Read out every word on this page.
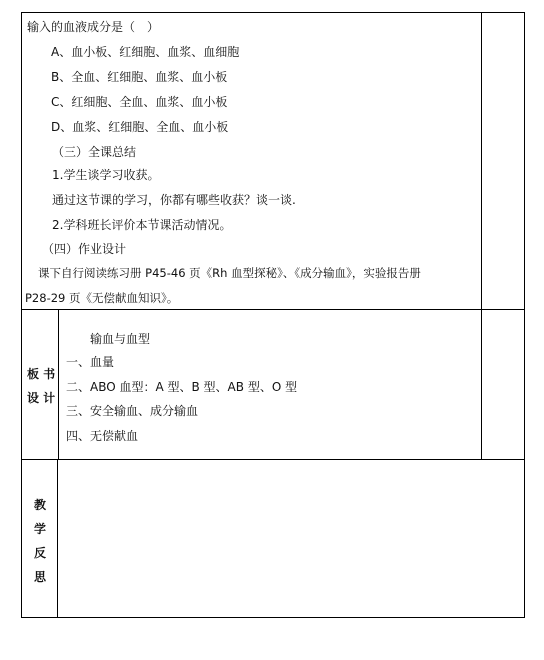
输入的血液成分是（　）
A、血小板、红细胞、血浆、血细胞
B、全血、红细胞、血浆、血小板
C、红细胞、全血、血浆、血小板
D、血浆、红细胞、全血、血小板
（三）全课总结
1.学生谈学习收获。
通过这节课的学习，你都有哪些收获？谈一谈.
2.学科班长评价本节课活动情况。
（四）作业设计
课下自行阅读练习册 P45-46 页《Rh 血型探秘》、《成分输血》，实验报告册
P28-29 页《无偿献血知识》。
板 书
设 计
输血与血型
一、血量
二、ABO 血型：A 型、B 型、AB 型、O 型
三、安全输血、成分输血
四、无偿献血
教
学
反
思
